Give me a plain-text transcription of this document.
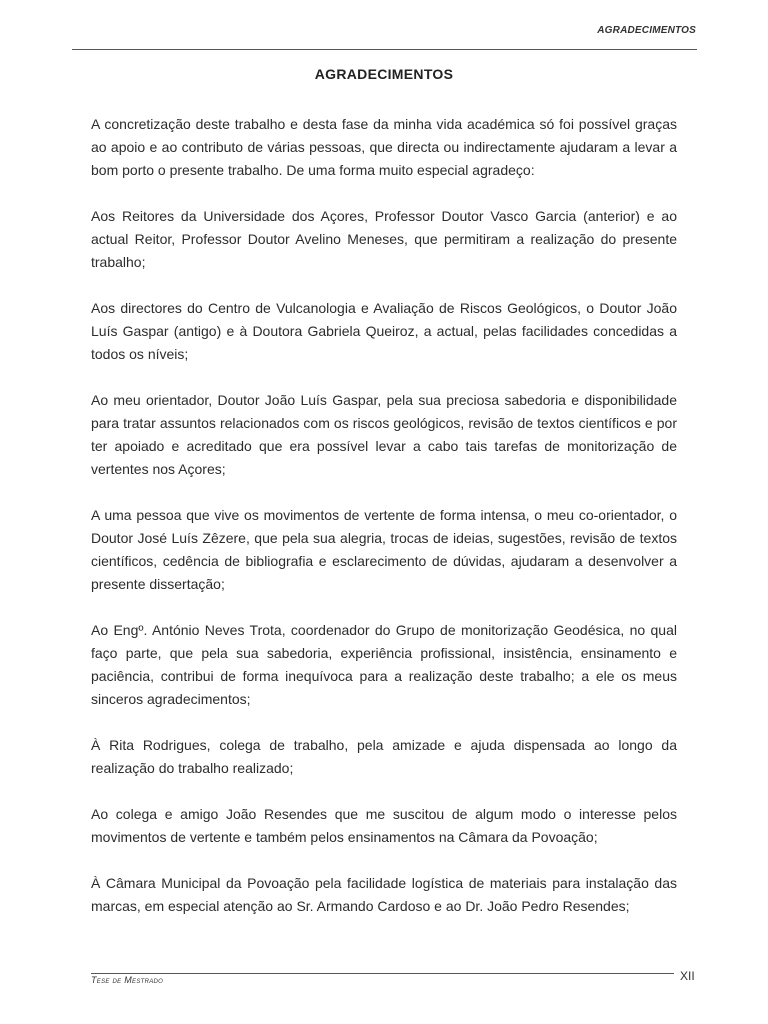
AGRADECIMENTOS
AGRADECIMENTOS

A concretização deste trabalho e desta fase da minha vida académica só foi possível graças ao apoio e ao contributo de várias pessoas, que directa ou indirectamente ajudaram a levar a bom porto o presente trabalho. De uma forma muito especial agradeço:

Aos Reitores da Universidade dos Açores, Professor Doutor Vasco Garcia (anterior) e ao actual Reitor, Professor Doutor Avelino Meneses, que permitiram a realização do presente trabalho;

Aos directores do Centro de Vulcanologia e Avaliação de Riscos Geológicos, o Doutor João Luís Gaspar (antigo) e à Doutora Gabriela Queiroz, a actual, pelas facilidades concedidas a todos os níveis;

Ao meu orientador, Doutor João Luís Gaspar, pela sua preciosa sabedoria e disponibilidade para tratar assuntos relacionados com os riscos geológicos, revisão de textos científicos e por ter apoiado e acreditado que era possível levar a cabo tais tarefas de monitorização de vertentes nos Açores;

A uma pessoa que vive os movimentos de vertente de forma intensa, o meu co-orientador, o Doutor José Luís Zêzere, que pela sua alegria, trocas de ideias, sugestões, revisão de textos científicos, cedência de bibliografia e esclarecimento de dúvidas, ajudaram a desenvolver a presente dissertação;

Ao Engº. António Neves Trota, coordenador do Grupo de monitorização Geodésica, no qual faço parte, que pela sua sabedoria, experiência profissional, insistência, ensinamento e paciência, contribui de forma inequívoca para a realização deste trabalho; a ele os meus sinceros agradecimentos;

À Rita Rodrigues, colega de trabalho, pela amizade e ajuda dispensada ao longo da realização do trabalho realizado;

Ao colega e amigo João Resendes que me suscitou de algum modo o interesse pelos movimentos de vertente e também pelos ensinamentos na Câmara da Povoação;

À Câmara Municipal da Povoação pela facilidade logística de materiais para instalação das marcas, em especial atenção ao Sr. Armando Cardoso e ao Dr. João Pedro Resendes;

Tese de Mestrado	XII
